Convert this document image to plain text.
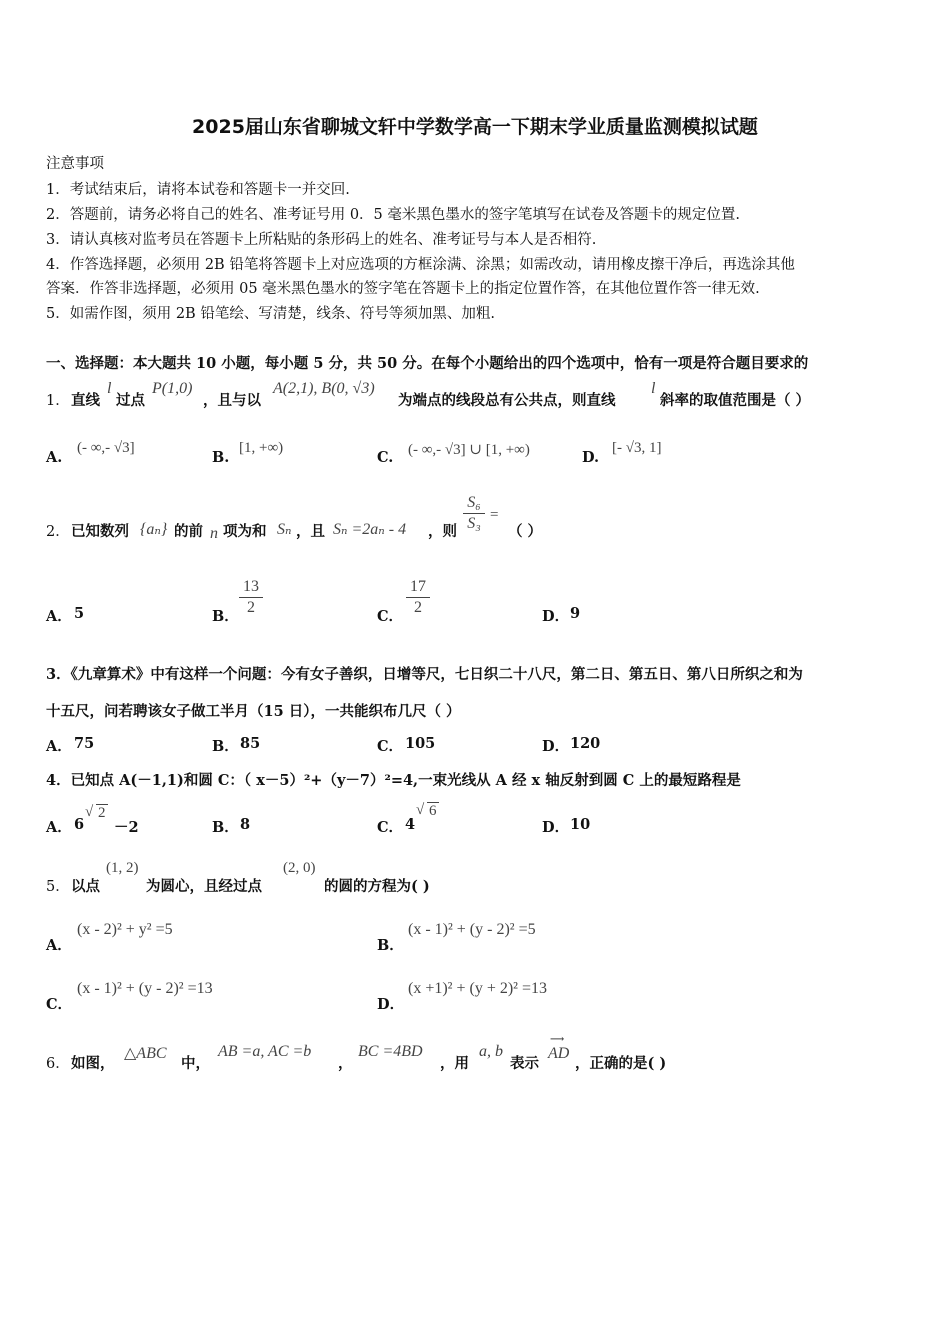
2025届山东省聊城文轩中学数学高一下期末学业质量监测模拟试题
注意事项
1．考试结束后，请将本试卷和答题卡一并交回.
2．答题前，请务必将自己的姓名、准考证号用 0．5 毫米黑色墨水的签字笔填写在试卷及答题卡的规定位置.
3．请认真核对监考员在答题卡上所粘贴的条形码上的姓名、准考证号与本人是否相符.
4．作答选择题，必须用 2B 铅笔将答题卡上对应选项的方框涂满、涂黑；如需改动，请用橡皮擦干净后，再选涂其他
答案．作答非选择题，必须用 05 毫米黑色墨水的签字笔在答题卡上的指定位置作答，在其他位置作答一律无效.
5．如需作图，须用 2B 铅笔绘、写清楚，线条、符号等须加黑、加粗.
一、选择题：本大题共 10 小题，每小题 5 分，共 50 分。在每个小题给出的四个选项中，恰有一项是符合题目要求的
1． 直线
l
过点
P(1,0)
，且与以
A(2,1), B(0, √3)
为端点的线段总有公共点，则直线
l
斜率的取值范围是（ ）
A.
(- ∞,- √3]
B.
[1, +∞)
C. (- ∞,- √3] ∪ [1, +∞)	D.
[- √3, 1]
2． 已知数列 {aₙ} 的前 n 项为和 Sₙ ，且 Sₙ =2aₙ - 4 ，则
S₆
S₃ =
（ ）
A． 5	B．
13
2
C．
17
2
D． 9
3．《九章算术》中有这样一个问题：今有女子善织，日增等尺，七日织二十八尺，第二日、第五日、第八日所织之和为
十五尺，问若聘该女子做工半月（15 日），一共能织布几尺（ ）
A． 75	B． 85	C． 105	D． 120
4．已知点 A(－1,1)和圆 C：（ x－5）²+（y－7）²=4,一束光线从 A 经 x 轴反射到圆 C 上的最短路程是
A． 6
√ 2
－2	B． 8	C． 4
√ 6
D． 10
5． 以点
(1, 2)
为圆心，且经过点
(2, 0)
的圆的方程为( )
A．
(x - 2)² + y² =5
B．
(x - 1)² + (y - 2)² =5
C．
(x - 1)² + (y - 2)² =13
D．
(x +1)² + (y + 2)² =13
6． 如图，
△ABC
中，
AB =a, AC =b
，
BC =4BD
，用
a, b
表示
⟶
AD
，正确的是( )
